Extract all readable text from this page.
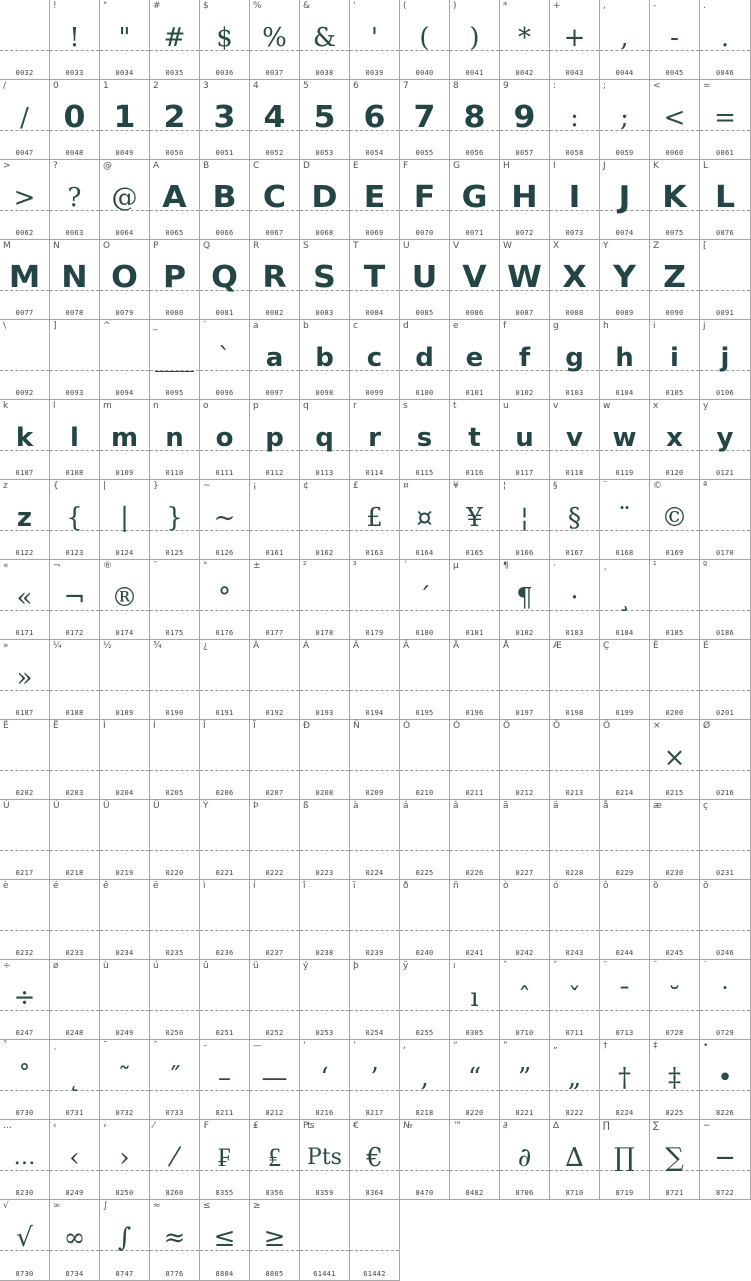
0032
!
!
0033
"
"
0034
#
#
0035
$
$
0036
%
%
0037
&
&
0038
'
'
0039
(
(
0040
)
)
0041
*
*
0042
+
+
0043
,
,
0044
-
-
0045
.
.
0046
/
/
0047
0
0
0048
1
1
0049
2
2
0050
3
3
0051
4
4
0052
5
5
0053
6
6
0054
7
7
0055
8
8
0056
9
9
0057
:
:
0058
;
;
0059
<
<
0060
=
=
0061
>
>
0062
?
?
0063
@
@
0064
A
A
0065
B
B
0066
C
C
0067
D
D
0068
E
E
0069
F
F
0070
G
G
0071
H
H
0072
I
I
0073
J
J
0074
K
K
0075
L
L
0076
M
M
0077
N
N
0078
O
O
0079
P
P
0080
Q
Q
0081
R
R
0082
S
S
0083
T
T
0084
U
U
0085
V
V
0086
W
W
0087
X
X
0088
Y
Y
0089
Z
Z
0090
[
0091
\
0092
]
0093
^
0094
_
___
0095
`
`
0096
a
a
0097
b
b
0098
c
c
0099
d
d
0100
e
e
0101
f
f
0102
g
g
0103
h
h
0104
i
i
0105
j
j
0106
k
k
0107
l
l
0108
m
m
0109
n
n
0110
o
o
0111
p
p
0112
q
q
0113
r
r
0114
s
s
0115
t
t
0116
u
u
0117
v
v
0118
w
w
0119
x
x
0120
y
y
0121
z
z
0122
{
{
0123
|
|
0124
}
}
0125
~
~
0126
¡
0161
¢
0162
£
£
0163
¤
¤
0164
¥
¥
0165
¦
¦
0166
§
§
0167
¨
¨
0168
©
©
0169
ª
0170
«
«
0171
¬
¬
0172
®
®
0174
¯
0175
°
°
0176
±
0177
²
0178
³
0179
´
´
0180
µ
0181
¶
¶
0182
·
·
0183
¸
¸
0184
¹
0185
º
0186
»
»
0187
¼
0188
½
0189
¾
0190
¿
0191
À
0192
Á
0193
Â
0194
Ã
0195
Ä
0196
Å
0197
Æ
0198
Ç
0199
È
0200
É
0201
Ê
0202
Ë
0203
Ì
0204
Í
0205
Î
0206
Ï
0207
Ð
0208
Ñ
0209
Ò
0210
Ó
0211
Ô
0212
Õ
0213
Ö
0214
×
×
0215
Ø
0216
Ù
0217
Ú
0218
Û
0219
Ü
0220
Ý
0221
Þ
0222
ß
0223
à
0224
á
0225
â
0226
ã
0227
ä
0228
å
0229
æ
0230
ç
0231
è
0232
é
0233
ê
0234
ë
0235
ì
0236
í
0237
î
0238
ï
0239
ð
0240
ñ
0241
ò
0242
ó
0243
ô
0244
õ
0245
ö
0246
÷
÷
0247
ø
0248
ù
0249
ú
0250
û
0251
ü
0252
ý
0253
þ
0254
ÿ
0255
ı
ı
0305
ˆ
ˆ
0710
ˇ
ˇ
0711
ˉ
ˉ
0713
˘
˘
0728
˙
˙
0729
˚
˚
0730
˛
˛
0731
˜
˜
0732
˝
˝
0733
–
–
8211
—
—
8212
‘
‘
8216
’
’
8217
‚
‚
8218
“
“
8220
”
”
8221
„
„
8222
†
†
8224
‡
‡
8225
•
•
8226
…
…
8230
‹
‹
8249
›
›
8250
⁄
⁄
8260
₣
₣
8355
₤
₤
8356
₧
Pts
8359
€
€
8364
№
8470
™
8482
∂
∂
8706
∆
∆
8710
∏
∏
8719
∑
∑
8721
−
−
8722
√
√
8730
∞
∞
8734
∫
∫
8747
≈
≈
8776
≤
≤
8804
≥
≥
8805	61441	61442
